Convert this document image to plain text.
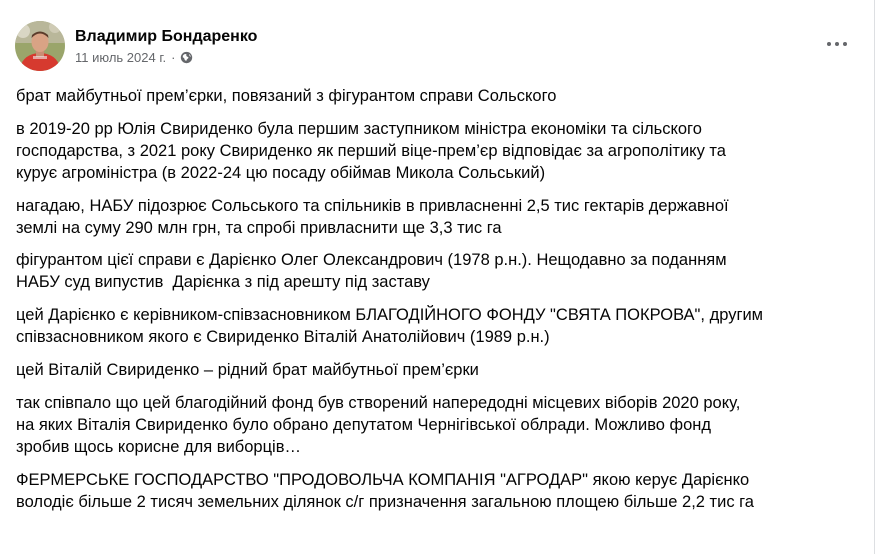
Владимир Бондаренко
11 июль 2024 г. ·
брат майбутньої прем’єрки, повязаний з фігурантом справи Сольского
в 2019-20 рр Юлія Свириденко була першим заступником міністра економіки та сільского
господарства, з 2021 року Свириденко як перший віце-прем’єр відповідає за агрополітику та
курує агроміністра (в 2022-24 цю посаду обіймав Микола Сольський)
нагадаю, НАБУ підозрює Сольського та спільників в привласненні 2,5 тис гектарів державної
землі на суму 290 млн грн, та спробі привласнити ще 3,3 тис га
фігурантом цієї справи є Дарієнко Олег Олександрович (1978 р.н.). Нещодавно за поданням
НАБУ суд випустив  Дарієнка з під арешту під заставу
цей Дарієнко є керівником-співзасновником БЛАГОДІЙНОГО ФОНДУ "СВЯТА ПОКРОВА", другим
співзасновником якого є Свириденко Віталій Анатолійович (1989 р.н.)
цей Віталій Свириденко – рідний брат майбутньої прем’єрки
так співпало що цей благодійний фонд був створений напередодні місцевих віборів 2020 року,
на яких Віталія Свириденко було обрано депутатом Чернігівської облради. Можливо фонд
зробив щось корисне для виборців…
ФЕРМЕРСЬКЕ ГОСПОДАРСТВО "ПРОДОВОЛЬЧА КОМПАНІЯ "АГРОДАР" якою керує Дарієнко
володіє більше 2 тисяч земельних ділянок с/г призначення загальною площею більше 2,2 тис га
